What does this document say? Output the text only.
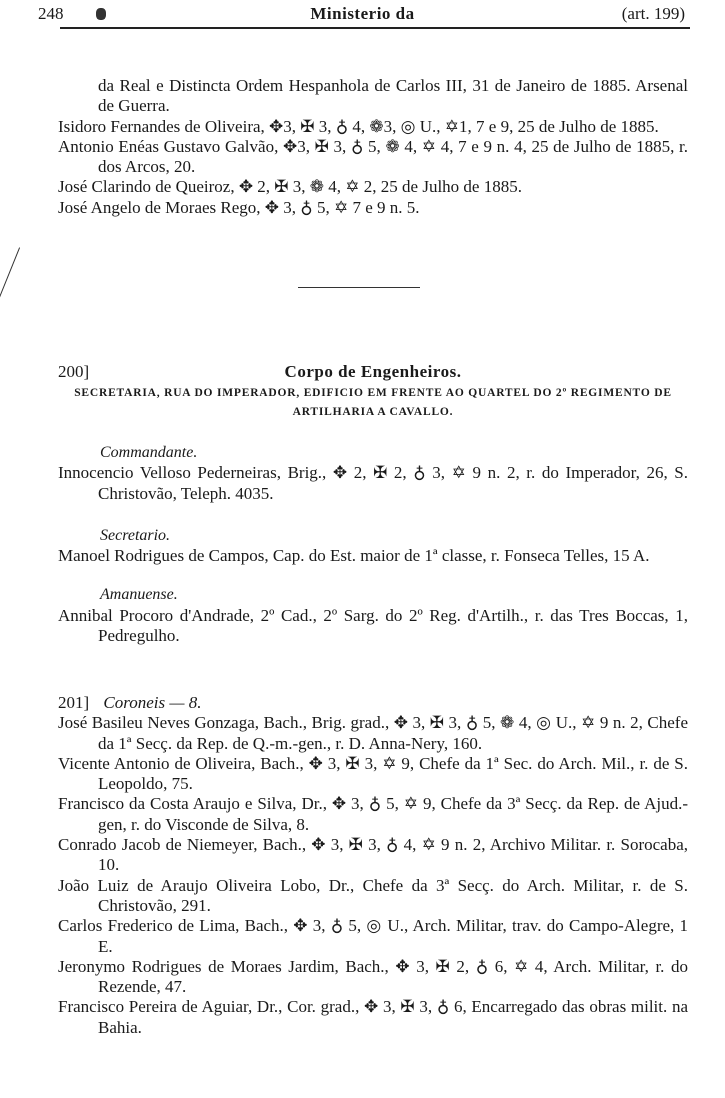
248	Ministerio da	(art. 199)

da Real e Distincta Ordem Hespanhola de Carlos III, 31 de Janeiro de 1885. Arsenal de Guerra.

Isidoro Fernandes de Oliveira, ✥3, ✠ 3, ♁ 4, ❁3, ◎ U., ✡1, 7 e 9, 25 de Julho de 1885.

Antonio Enéas Gustavo Galvão, ✥3, ✠ 3, ♁ 5, ❁ 4, ✡ 4, 7 e 9 n. 4, 25 de Julho de 1885, r. dos Arcos, 20.

José Clarindo de Queiroz, ✥ 2, ✠ 3, ❁ 4, ✡ 2, 25 de Julho de 1885.

José Angelo de Moraes Rego, ✥ 3, ♁ 5, ✡ 7 e 9 n. 5.

200]	Corpo de Engenheiros.
SECRETARIA, RUA DO IMPERADOR, EDIFICIO EM FRENTE AO QUARTEL DO 2º REGIMENTO DE ARTILHARIA A CAVALLO.
Commandante.

Innocencio Velloso Pederneiras, Brig., ✥ 2, ✠ 2, ♁ 3, ✡ 9 n. 2, r. do Imperador, 26, S. Christovão, Teleph. 4035.

Secretario.

Manoel Rodrigues de Campos, Cap. do Est. maior de 1ª classe, r. Fonseca Telles, 15 A.

Amanuense.

Annibal Procoro d'Andrade, 2º Cad., 2º Sarg. do 2º Reg. d'Artilh., r. das Tres Boccas, 1, Pedregulho.

201] Coroneis — 8.

José Basileu Neves Gonzaga, Bach., Brig. grad., ✥ 3, ✠ 3, ♁ 5, ❁ 4, ◎ U., ✡ 9 n. 2, Chefe da 1ª Secç. da Rep. de Q.-m.-gen., r. D. Anna-Nery, 160.

Vicente Antonio de Oliveira, Bach., ✥ 3, ✠ 3, ✡ 9, Chefe da 1ª Sec. do Arch. Mil., r. de S. Leopoldo, 75.

Francisco da Costa Araujo e Silva, Dr., ✥ 3, ♁ 5, ✡ 9, Chefe da 3ª Secç. da Rep. de Ajud.-gen, r. do Visconde de Silva, 8.

Conrado Jacob de Niemeyer, Bach., ✥ 3, ✠ 3, ♁ 4, ✡ 9 n. 2, Archivo Militar. r. Sorocaba, 10.

João Luiz de Araujo Oliveira Lobo, Dr., Chefe da 3ª Secç. do Arch. Militar, r. de S. Christovão, 291.

Carlos Frederico de Lima, Bach., ✥ 3, ♁ 5, ◎ U., Arch. Militar, trav. do Campo-Alegre, 1 E.

Jeronymo Rodrigues de Moraes Jardim, Bach., ✥ 3, ✠ 2, ♁ 6, ✡ 4, Arch. Militar, r. do Rezende, 47.

Francisco Pereira de Aguiar, Dr., Cor. grad., ✥ 3, ✠ 3, ♁ 6, Encarregado das obras milit. na Bahia.
